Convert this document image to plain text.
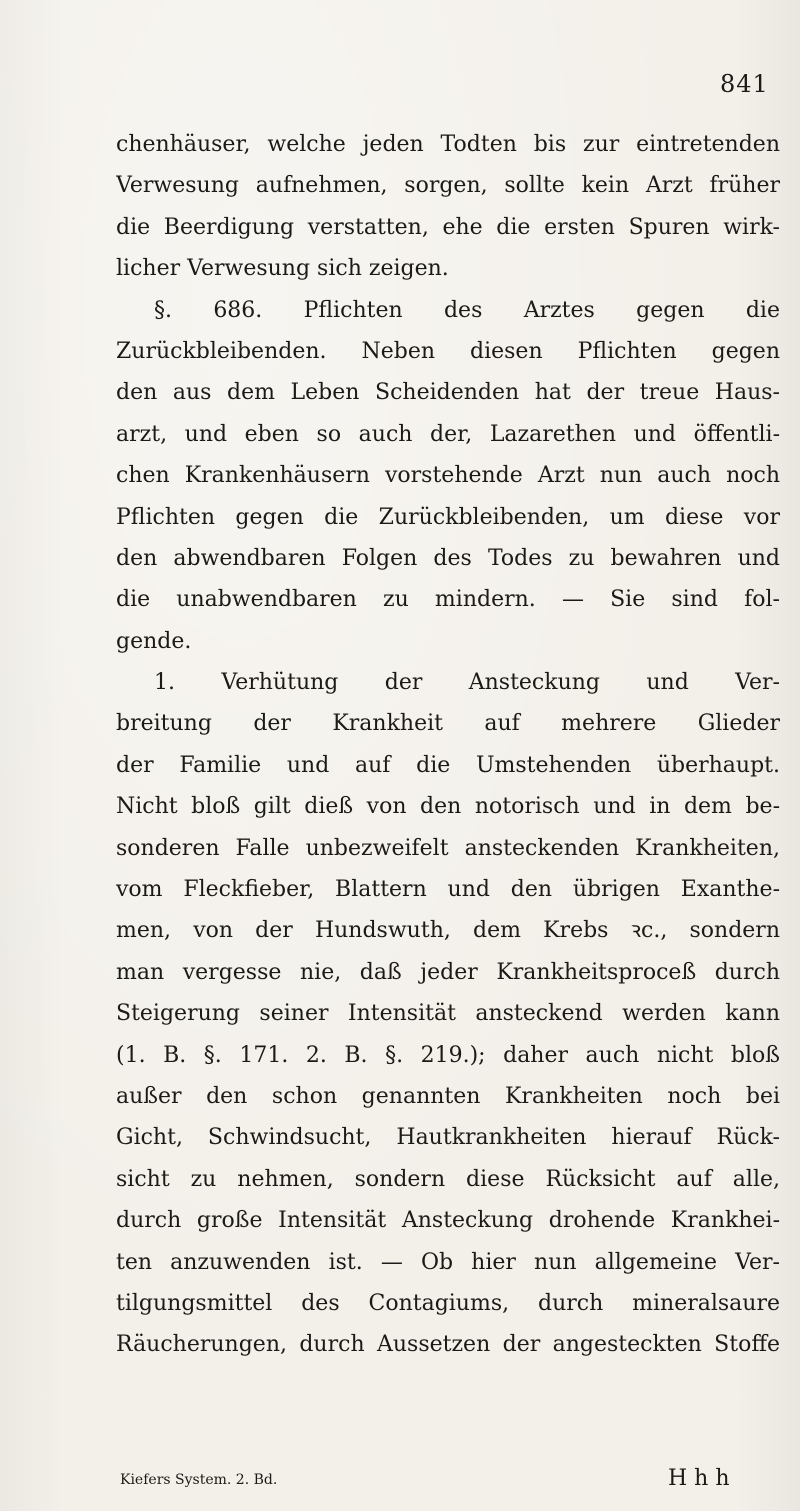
841
chenhäuser, welche jeden Todten bis zur eintretenden
Verwesung aufnehmen, sorgen, sollte kein Arzt früher
die Beerdigung verstatten, ehe die ersten Spuren wirk-
licher Verwesung sich zeigen.
§. 686. Pflichten des Arztes gegen die
Zurückbleibenden. Neben diesen Pflichten gegen
den aus dem Leben Scheidenden hat der treue Haus-
arzt, und eben so auch der, Lazarethen und öffentli-
chen Krankenhäusern vorstehende Arzt nun auch noch
Pflichten gegen die Zurückbleibenden, um diese vor
den abwendbaren Folgen des Todes zu bewahren und
die unabwendbaren zu mindern. — Sie sind fol-
gende.
1. Verhütung der Ansteckung und Ver-
breitung der Krankheit auf mehrere Glieder
der Familie und auf die Umstehenden überhaupt.
Nicht bloß gilt dieß von den notorisch und in dem be-
sonderen Falle unbezweifelt ansteckenden Krankheiten,
vom Fleckfieber, Blattern und den übrigen Exanthe-
men, von der Hundswuth, dem Krebs ꝛc., sondern
man vergesse nie, daß jeder Krankheitsproceß durch
Steigerung seiner Intensität ansteckend werden kann
(1. B. §. 171. 2. B. §. 219.); daher auch nicht bloß
außer den schon genannten Krankheiten noch bei
Gicht, Schwindsucht, Hautkrankheiten hierauf Rück-
sicht zu nehmen, sondern diese Rücksicht auf alle,
durch große Intensität Ansteckung drohende Krankhei-
ten anzuwenden ist. — Ob hier nun allgemeine Ver-
tilgungsmittel des Contagiums, durch mineralsaure
Räucherungen, durch Aussetzen der angesteckten Stoffe
Kiefers System. 2. Bd.	H h h
